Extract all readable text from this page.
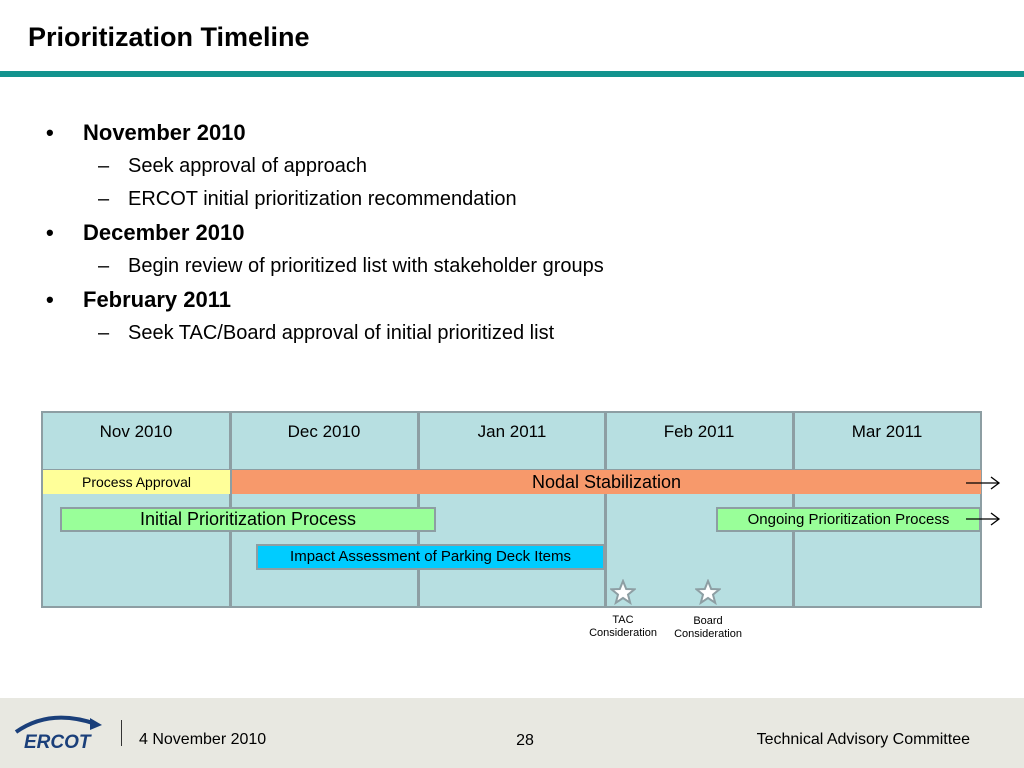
Prioritization Timeline
• November 2010
– Seek approval of approach
– ERCOT initial prioritization recommendation
• December 2010
– Begin review of prioritized list with stakeholder groups
• February 2011
– Seek TAC/Board approval of initial prioritized list
Nov 2010	Dec 2010	Jan 2011	Feb 2011	Mar 2011
Process Approval	Nodal Stabilization
Initial Prioritization Process	Ongoing Prioritization Process
Impact Assessment of Parking Deck Items
TAC
Consideration
Board
Consideration
ERCOT	4 November 2010	28	Technical Advisory Committee
